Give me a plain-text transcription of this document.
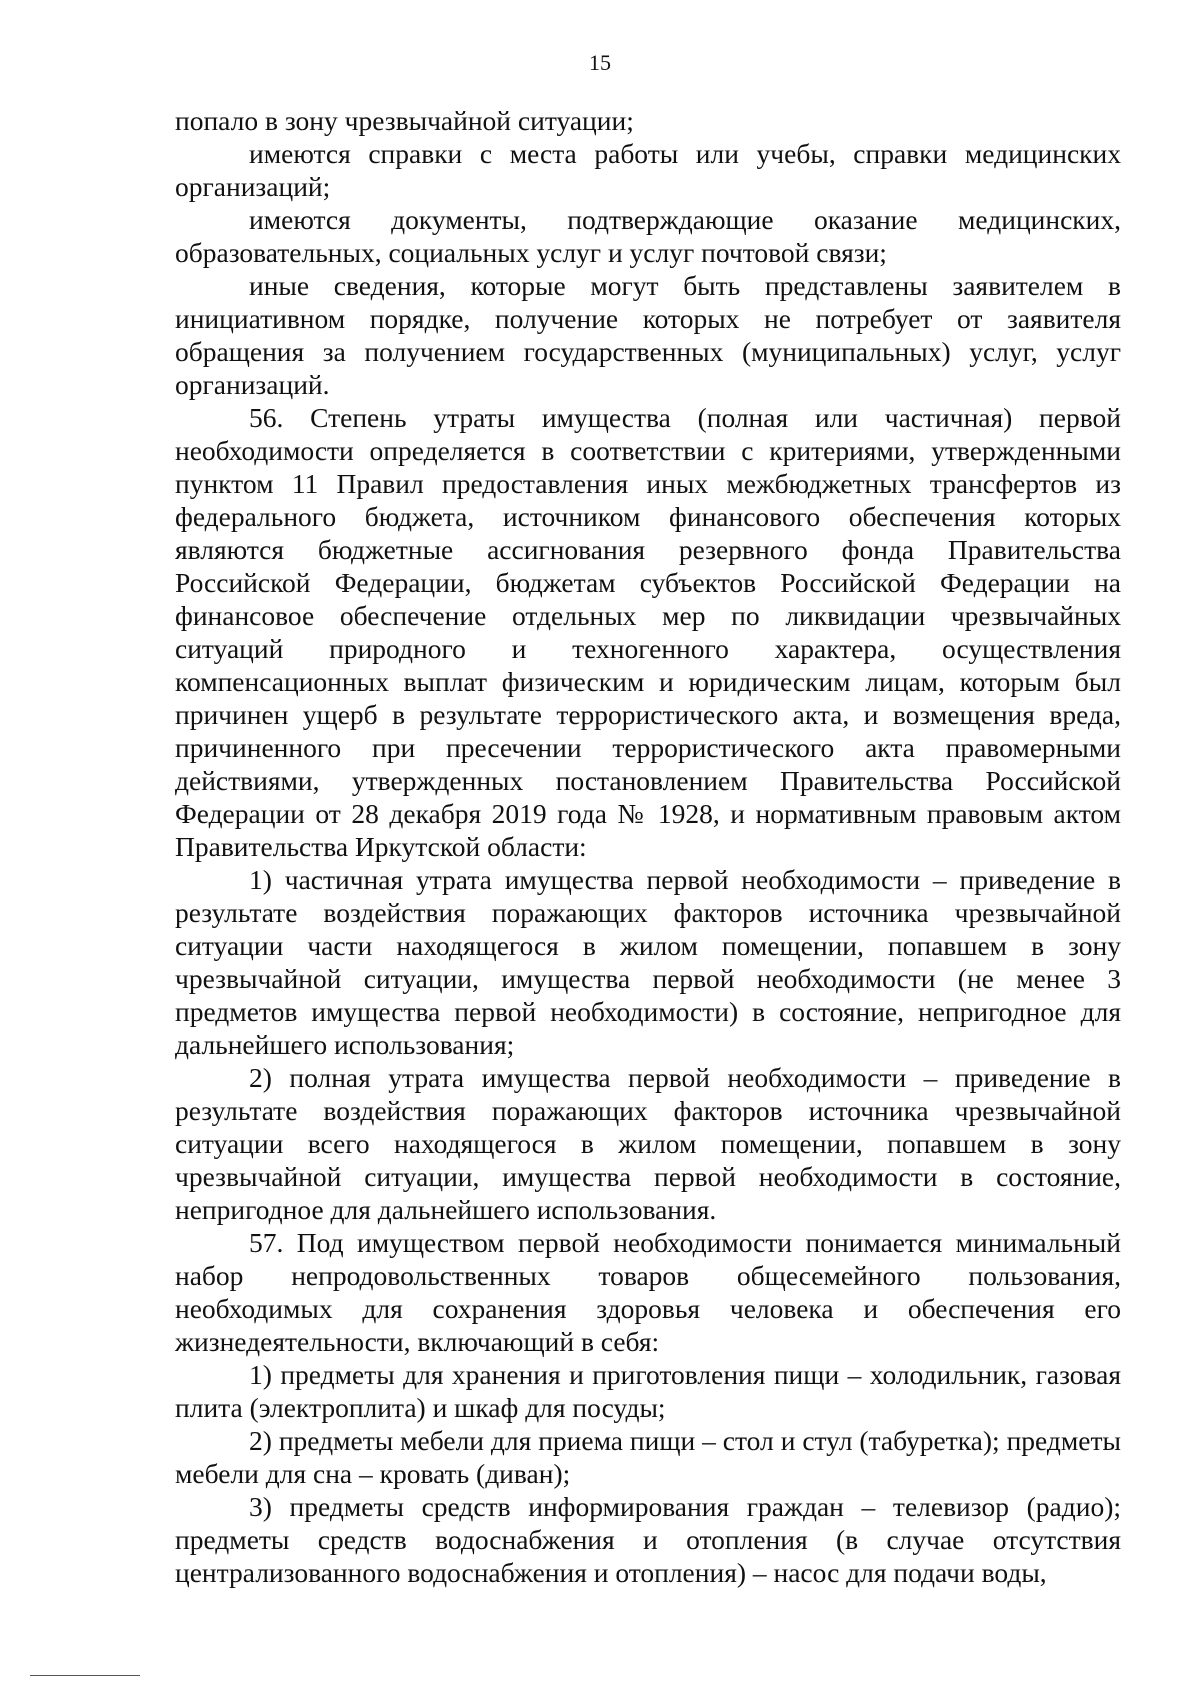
15

попало в зону чрезвычайной ситуации;

имеются справки с места работы или учебы, справки медицинских организаций;

имеются документы, подтверждающие оказание медицинских, образовательных, социальных услуг и услуг почтовой связи;

иные сведения, которые могут быть представлены заявителем в инициативном порядке, получение которых не потребует от заявителя обращения за получением государственных (муниципальных) услуг, услуг организаций.

56. Степень утраты имущества (полная или частичная) первой необходимости определяется в соответствии с критериями, утвержденными пунктом 11 Правил предоставления иных межбюджетных трансфертов из федерального бюджета, источником финансового обеспечения которых являются бюджетные ассигнования резервного фонда Правительства Российской Федерации, бюджетам субъектов Российской Федерации на финансовое обеспечение отдельных мер по ликвидации чрезвычайных ситуаций природного и техногенного характера, осуществления компенсационных выплат физическим и юридическим лицам, которым был причинен ущерб в результате террористического акта, и возмещения вреда, причиненного при пресечении террористического акта правомерными действиями, утвержденных постановлением Правительства Российской Федерации от 28 декабря 2019 года № 1928, и нормативным правовым актом Правительства Иркутской области:

1) частичная утрата имущества первой необходимости – приведение в результате воздействия поражающих факторов источника чрезвычайной ситуации части находящегося в жилом помещении, попавшем в зону чрезвычайной ситуации, имущества первой необходимости (не менее 3 предметов имущества первой необходимости) в состояние, непригодное для дальнейшего использования;

2) полная утрата имущества первой необходимости – приведение в результате воздействия поражающих факторов источника чрезвычайной ситуации всего находящегося в жилом помещении, попавшем в зону чрезвычайной ситуации, имущества первой необходимости в состояние, непригодное для дальнейшего использования.

57. Под имуществом первой необходимости понимается минимальный набор непродовольственных товаров общесемейного пользования, необходимых для сохранения здоровья человека и обеспечения его жизнедеятельности, включающий в себя:

1) предметы для хранения и приготовления пищи – холодильник, газовая плита (электроплита) и шкаф для посуды;

2) предметы мебели для приема пищи – стол и стул (табуретка); предметы мебели для сна – кровать (диван);

3) предметы средств информирования граждан – телевизор (радио); предметы средств водоснабжения и отопления (в случае отсутствия централизованного водоснабжения и отопления) – насос для подачи воды,
